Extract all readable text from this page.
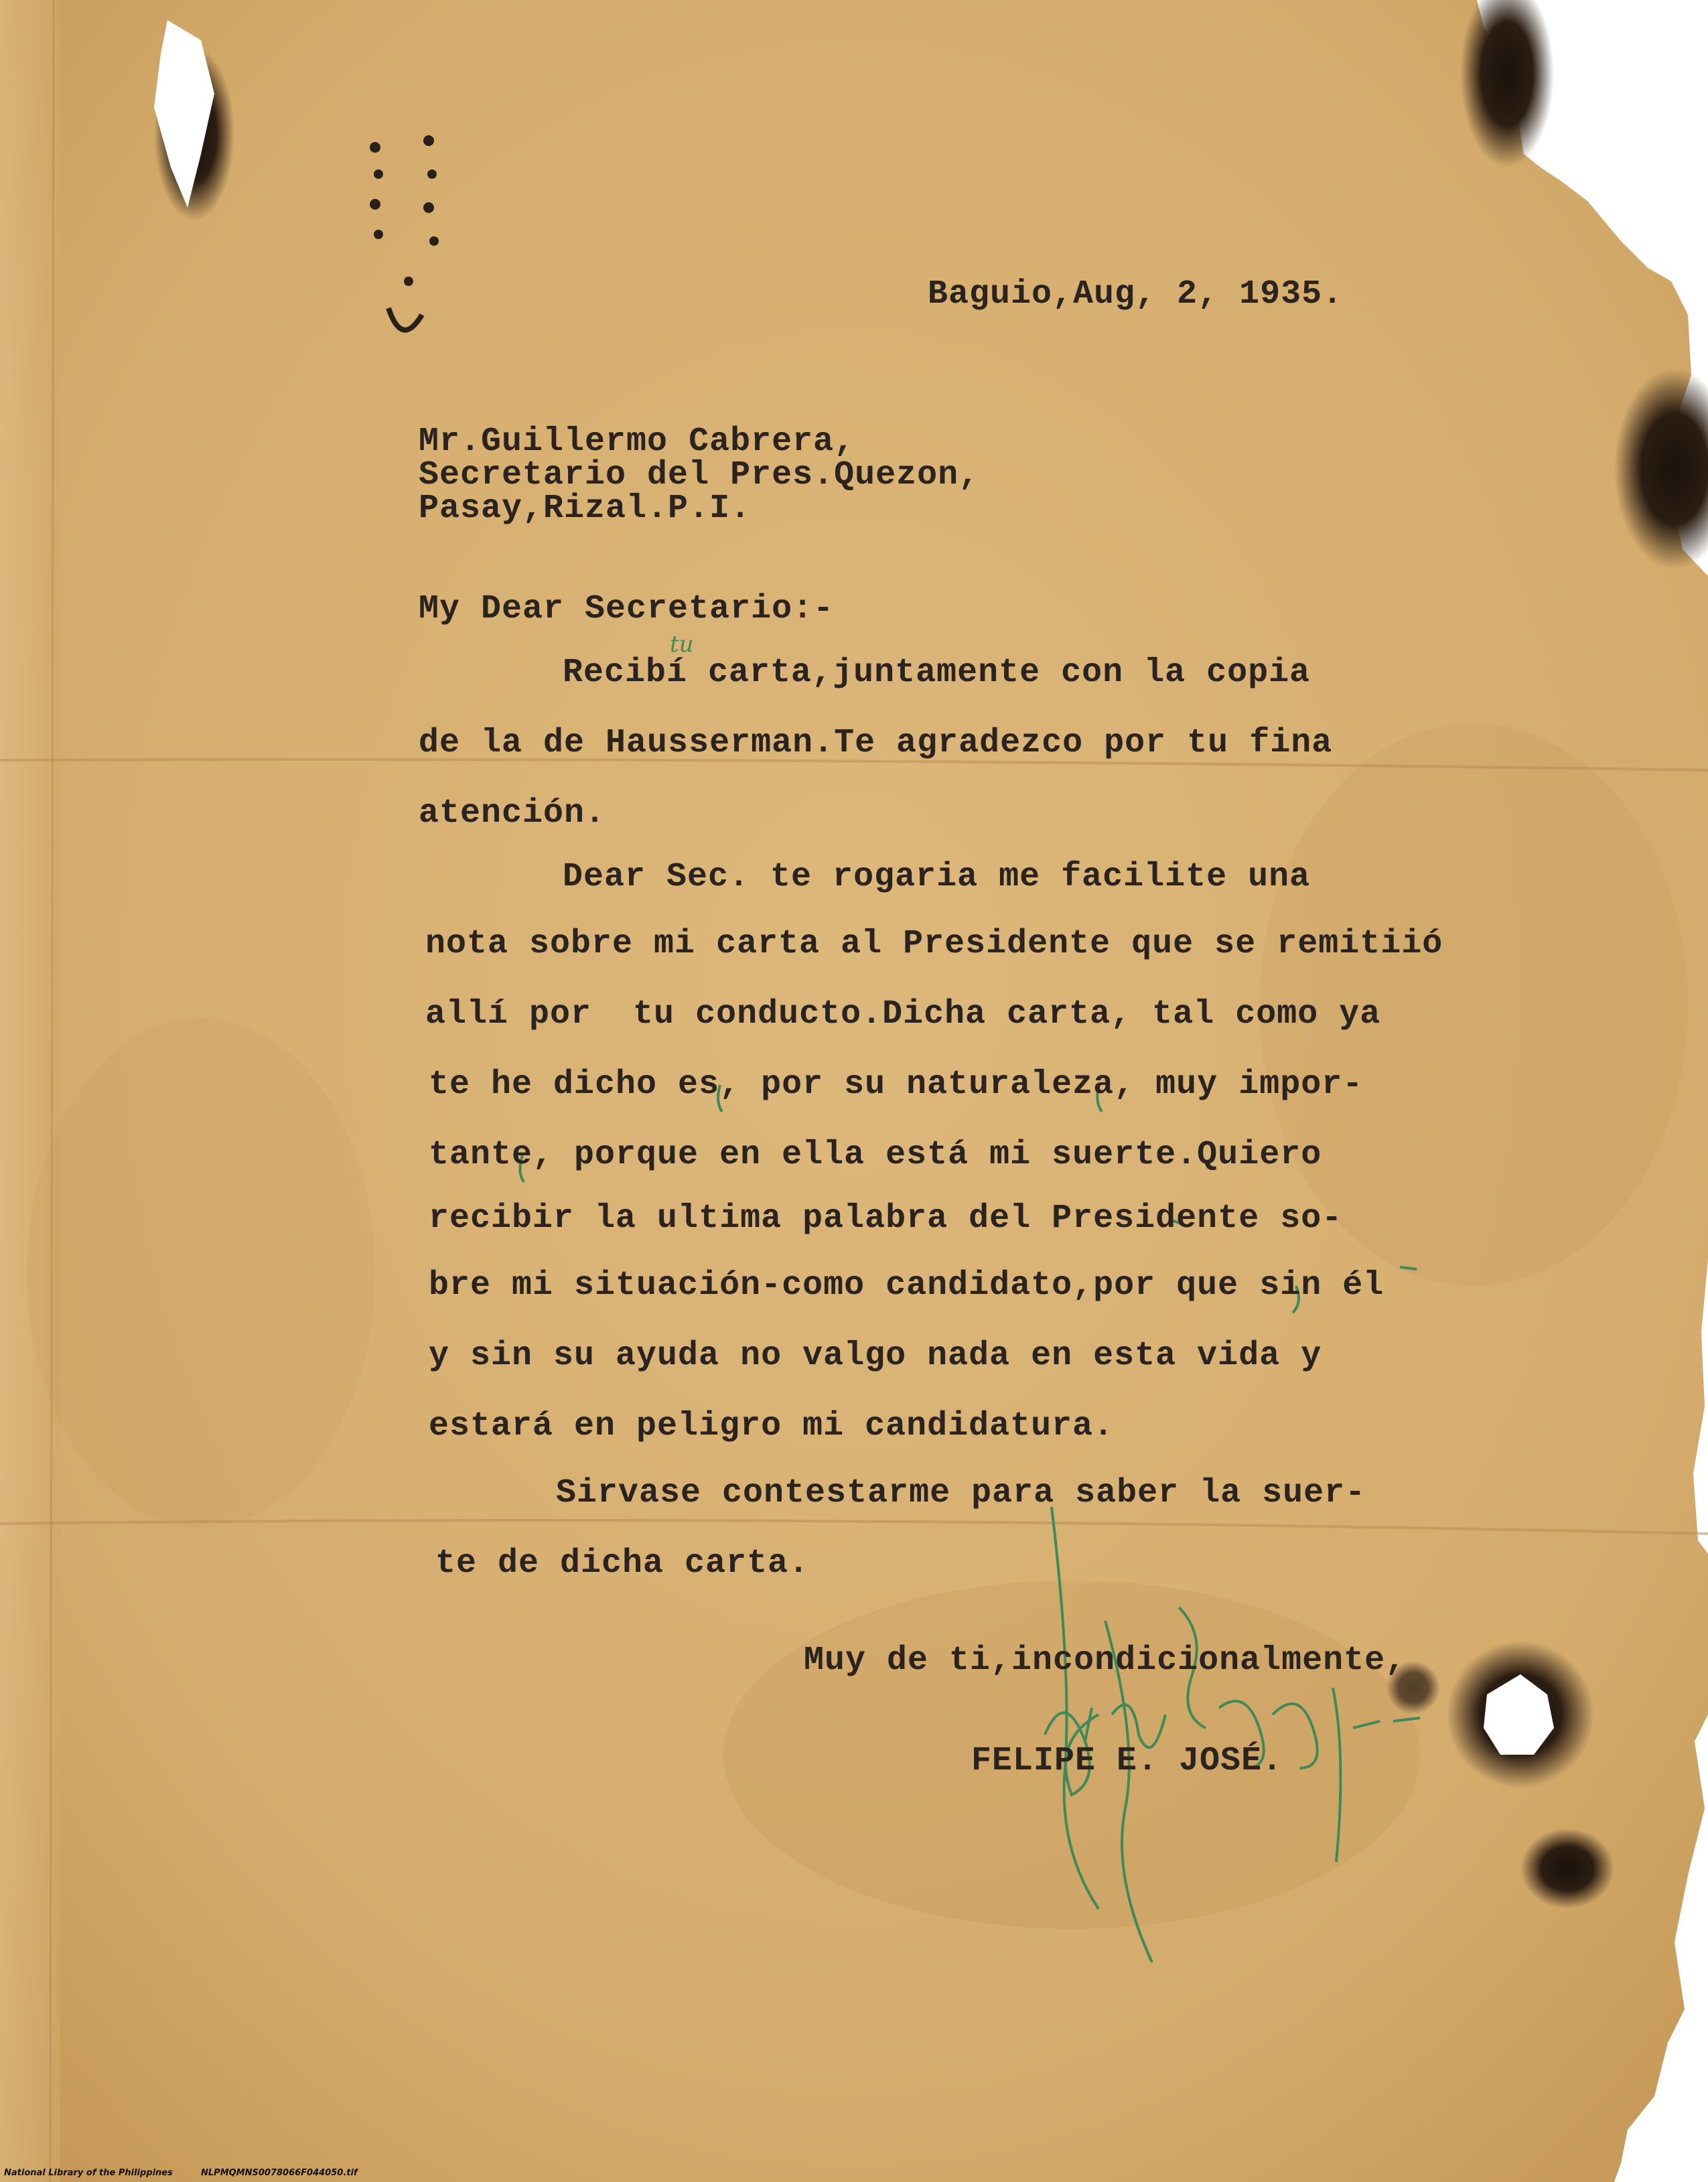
Baguio,Aug, 2, 1935.
Mr.Guillermo Cabrera,
Secretario del Pres.Quezon,
Pasay,Rizal.P.I.
My Dear Secretario:-
tu
Recibí carta,juntamente con la copia
de la de Hausserman.Te agradezco por tu fina
atención.
Dear Sec. te rogaria me facilite una
nota sobre mi carta al Presidente que se remitiió
allí por  tu conducto.Dicha carta, tal como ya
te he dicho es, por su naturaleza, muy impor-
tante, porque en ella está mi suerte.Quiero
recibir la ultima palabra del Presidente so-
bre mi situación-como candidato,por que sin él
y sin su ayuda no valgo nada en esta vida y
estará en peligro mi candidatura.
Sirvase contestarme para saber la suer-
te de dicha carta.
Muy de ti,incondicionalmente,
FELIPE E. JOSÉ.
National Library of the Philippines	NLPMQMNS0078066F044050.tif
